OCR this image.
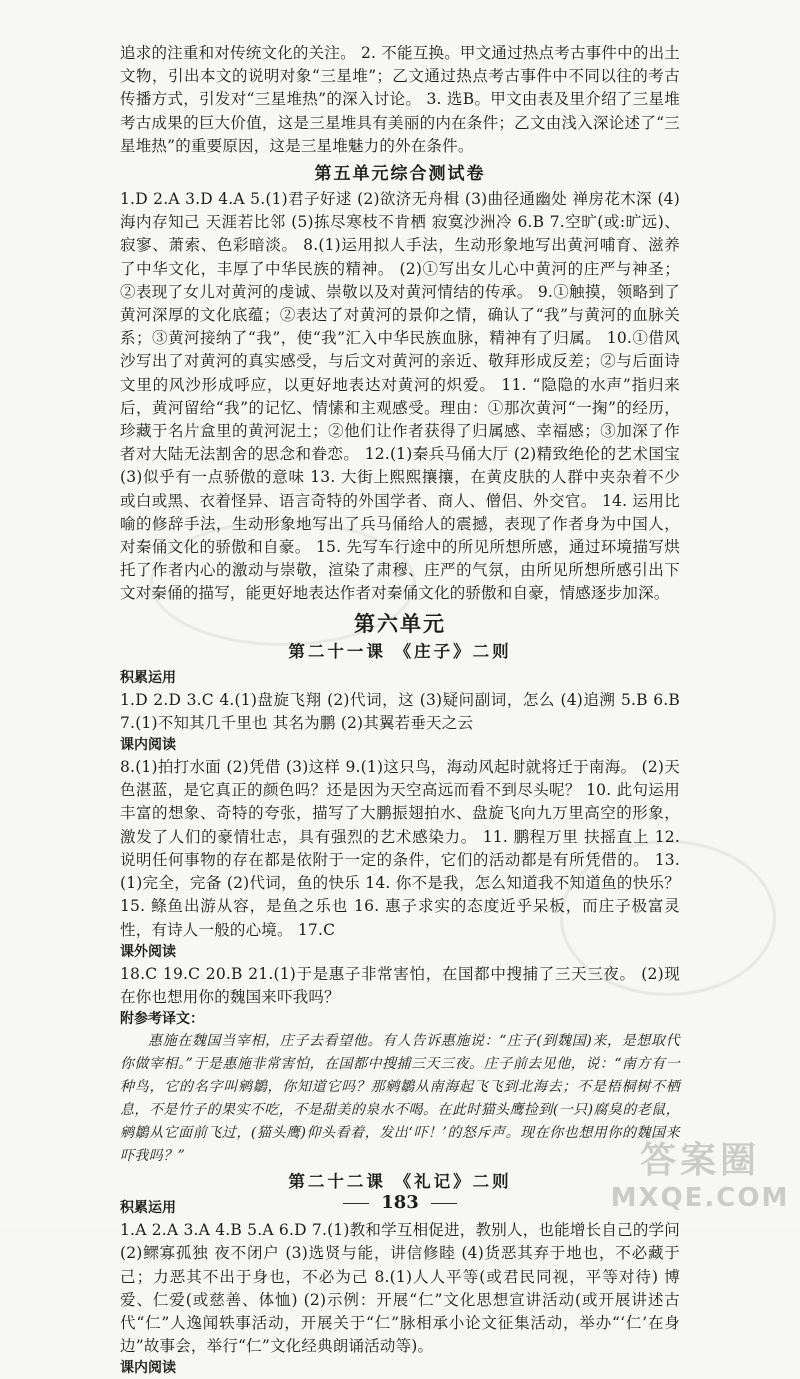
追求的注重和对传统文化的关注。 2. 不能互换。甲文通过热点考古事件中的出土文物，引出本文的说明对象“三星堆”；乙文通过热点考古事件中不同以往的考古传播方式，引发对“三星堆热”的深入讨论。 3. 选B。甲文由表及里介绍了三星堆考古成果的巨大价值，这是三星堆具有美丽的内在条件；乙文由浅入深论述了“三星堆热”的重要原因，这是三星堆魅力的外在条件。

第五单元综合测试卷

1.D 2.A 3.D 4.A 5.(1)君子好逑 (2)欲济无舟楫 (3)曲径通幽处 禅房花木深 (4)海内存知己 天涯若比邻 (5)拣尽寒枝不肯栖 寂寞沙洲冷 6.B 7.空旷(或:旷远)、寂寥、萧索、色彩暗淡。 8.(1)运用拟人手法，生动形象地写出黄河哺育、滋养了中华文化，丰厚了中华民族的精神。 (2)①写出女儿心中黄河的庄严与神圣；②表现了女儿对黄河的虔诚、崇敬以及对黄河情结的传承。 9.①触摸，领略到了黄河深厚的文化底蕴；②表达了对黄河的景仰之情，确认了“我”与黄河的血脉关系；③黄河接纳了“我”，使“我”汇入中华民族血脉，精神有了归属。 10.①借风沙写出了对黄河的真实感受，与后文对黄河的亲近、敬拜形成反差；②与后面诗文里的风沙形成呼应，以更好地表达对黄河的炽爱。 11. “隐隐的水声”指归来后，黄河留给“我”的记忆、情愫和主观感受。理由：①那次黄河“一掬”的经历，珍藏于名片盒里的黄河泥土；②他们让作者获得了归属感、幸福感；③加深了作者对大陆无法割舍的思念和眷恋。 12.(1)秦兵马俑大厅 (2)精致绝伦的艺术国宝 (3)似乎有一点骄傲的意味 13. 大街上熙熙攘攘，在黄皮肤的人群中夹杂着不少或白或黑、衣着怪异、语言奇特的外国学者、商人、僧侣、外交官。 14. 运用比喻的修辞手法，生动形象地写出了兵马俑给人的震撼，表现了作者身为中国人，对秦俑文化的骄傲和自豪。 15. 先写车行途中的所见所想所感，通过环境描写烘托了作者内心的激动与崇敬，渲染了肃穆、庄严的气氛，由所见所想所感引出下文对秦俑的描写，能更好地表达作者对秦俑文化的骄傲和自豪，情感逐步加深。

第六单元
第二十一课 《庄子》二则
积累运用

1.D 2.D 3.C 4.(1)盘旋飞翔 (2)代词，这 (3)疑问副词，怎么 (4)追溯 5.B 6.B 7.(1)不知其几千里也 其名为鹏 (2)其翼若垂天之云

课内阅读

8.(1)拍打水面 (2)凭借 (3)这样 9.(1)这只鸟，海动风起时就将迁于南海。 (2)天色湛蓝，是它真正的颜色吗？还是因为天空高远而看不到尽头呢？ 10. 此句运用丰富的想象、奇特的夸张，描写了大鹏振翅拍水、盘旋飞向九万里高空的形象，激发了人们的豪情壮志，具有强烈的艺术感染力。 11. 鹏程万里 扶摇直上 12. 说明任何事物的存在都是依附于一定的条件，它们的活动都是有所凭借的。 13.(1)完全，完备 (2)代词，鱼的快乐 14. 你不是我，怎么知道我不知道鱼的快乐？ 15. 鲦鱼出游从容，是鱼之乐也 16. 惠子求实的态度近乎呆板，而庄子极富灵性，有诗人一般的心境。 17.C

课外阅读

18.C 19.C 20.B 21.(1)于是惠子非常害怕，在国都中搜捕了三天三夜。 (2)现在你也想用你的魏国来吓我吗？

附参考译文：

惠施在魏国当宰相，庄子去看望他。有人告诉惠施说：“庄子(到魏国)来，是想取代你做宰相。”于是惠施非常害怕，在国都中搜捕三天三夜。庄子前去见他，说：“南方有一种鸟，它的名字叫鹓鶵，你知道它吗？那鹓鶵从南海起飞飞到北海去；不是梧桐树不栖息，不是竹子的果实不吃，不是甜美的泉水不喝。在此时猫头鹰捡到(一只)腐臭的老鼠，鹓鶵从它面前飞过，(猫头鹰)仰头看着，发出‘吓！’的怒斥声。现在你也想用你的魏国来吓我吗？”

第二十二课 《礼记》二则
积累运用

1.A 2.A 3.A 4.B 5.A 6.D 7.(1)教和学互相促进，教别人，也能增长自己的学问 (2)鳏寡孤独 夜不闭户 (3)选贤与能，讲信修睦 (4)货恶其弃于地也，不必藏于己；力恶其不出于身也，不必为己 8.(1)人人平等(或君民同视，平等对待) 博爱、仁爱(或慈善、体恤) (2)示例：开展“仁”文化思想宣讲活动(或开展讲述古代“仁”人逸闻轶事活动，开展关于“仁”脉相承小论文征集活动，举办“‘仁’在身边”故事会，举行“仁”文化经典朗诵活动等)。

课内阅读
183
答案圈
MXQE.COM
